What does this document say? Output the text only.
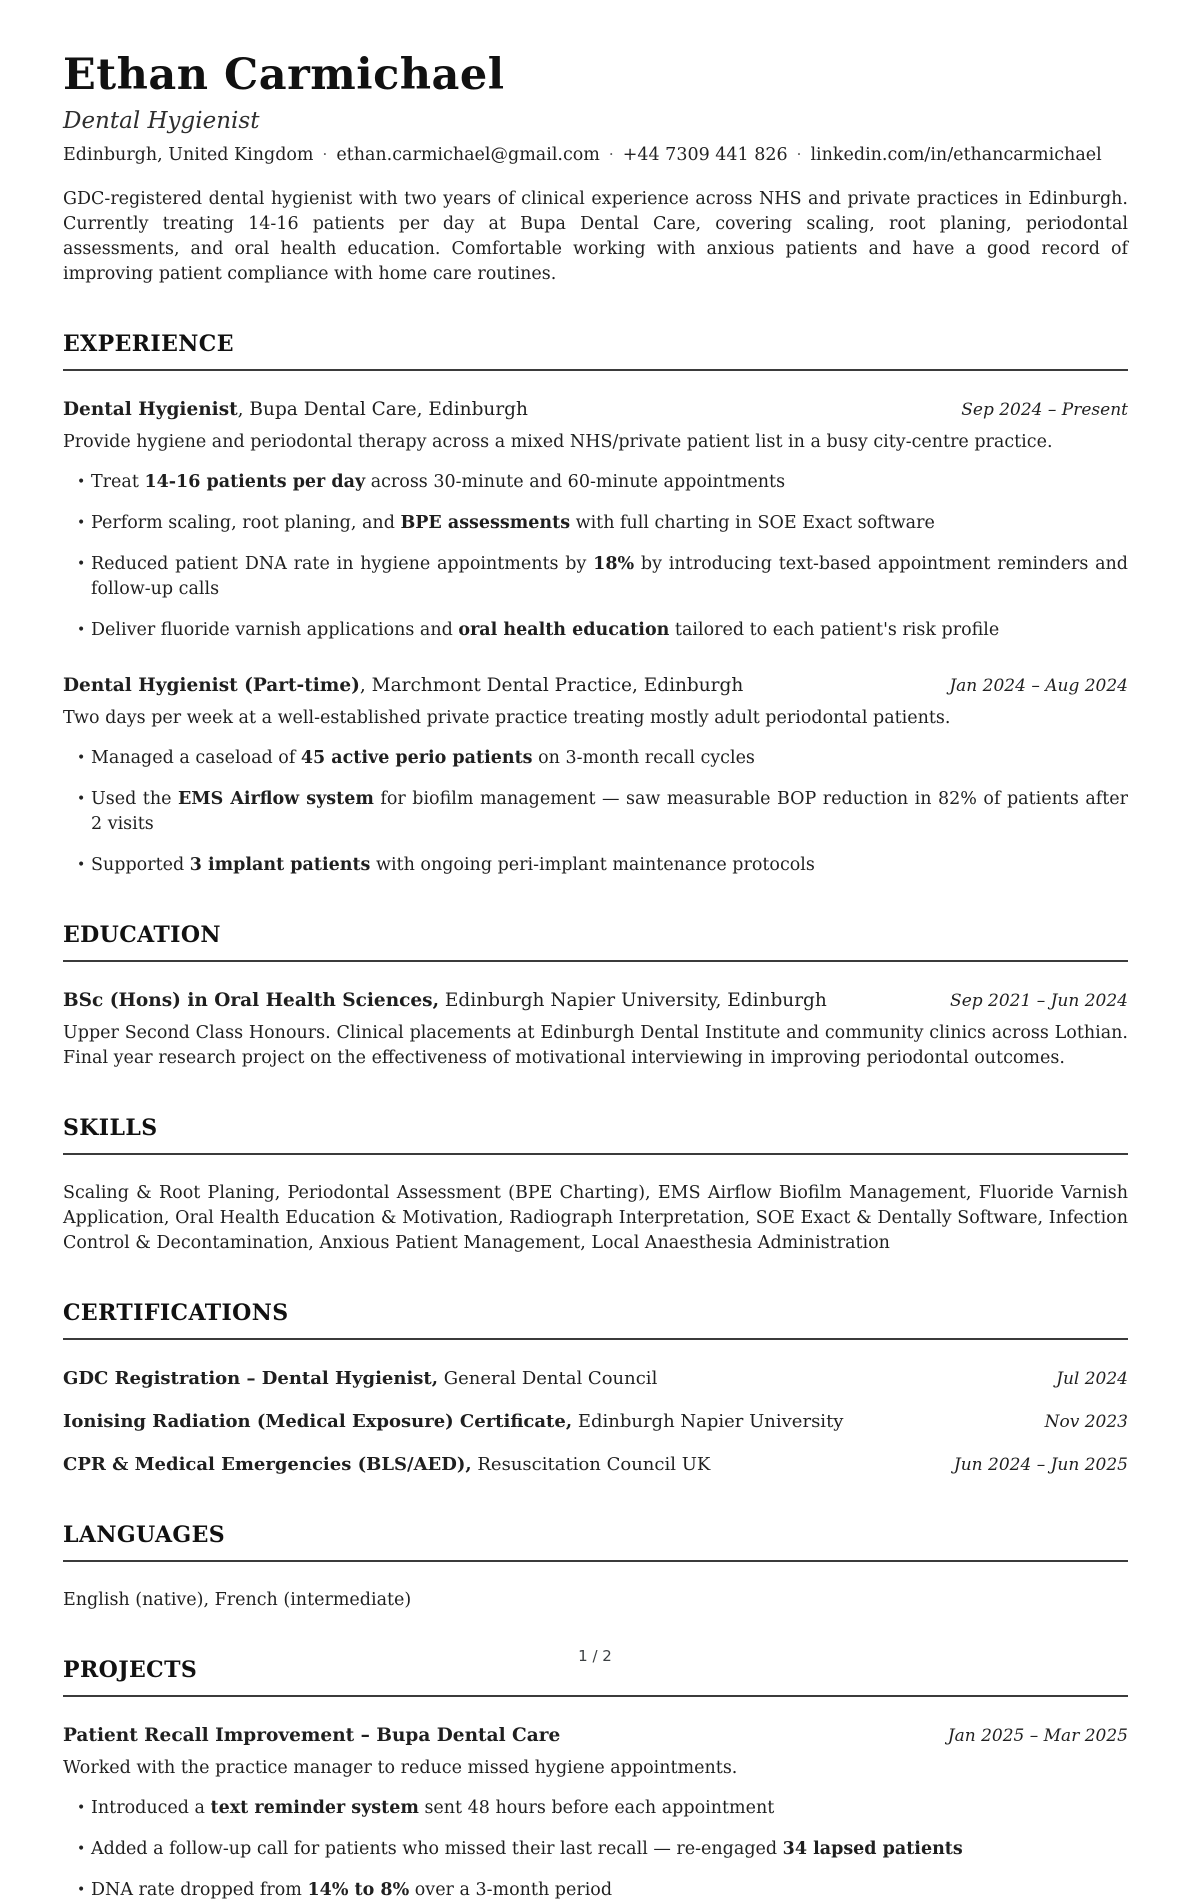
Ethan Carmichael
Dental Hygienist
Edinburgh, United Kingdom · ethan.carmichael@gmail.com · +44 7309 441 826 · linkedin.com/in/ethancarmichael

GDC-registered dental hygienist with two years of clinical experience across NHS and private practices in Edinburgh. Currently treating 14-16 patients per day at Bupa Dental Care, covering scaling, root planing, periodontal assessments, and oral health education. Comfortable working with anxious patients and have a good record of improving patient compliance with home care routines.

EXPERIENCE
Dental Hygienist, Bupa Dental Care, Edinburgh	Sep 2024 – Present

Provide hygiene and periodontal therapy across a mixed NHS/private patient list in a busy city-centre practice.

• Treat 14-16 patients per day across 30-minute and 60-minute appointments
• Perform scaling, root planing, and BPE assessments with full charting in SOE Exact software
• Reduced patient DNA rate in hygiene appointments by 18% by introducing text-based appointment reminders and follow-up calls
• Deliver fluoride varnish applications and oral health education tailored to each patient's risk profile
Dental Hygienist (Part-time), Marchmont Dental Practice, Edinburgh	Jan 2024 – Aug 2024

Two days per week at a well-established private practice treating mostly adult periodontal patients.

• Managed a caseload of 45 active perio patients on 3-month recall cycles
• Used the EMS Airflow system for biofilm management — saw measurable BOP reduction in 82% of patients after 2 visits
• Supported 3 implant patients with ongoing peri-implant maintenance protocols
EDUCATION
BSc (Hons) in Oral Health Sciences, Edinburgh Napier University, Edinburgh	Sep 2021 – Jun 2024

Upper Second Class Honours. Clinical placements at Edinburgh Dental Institute and community clinics across Lothian. Final year research project on the effectiveness of motivational interviewing in improving periodontal outcomes.

SKILLS

Scaling & Root Planing, Periodontal Assessment (BPE Charting), EMS Airflow Biofilm Management, Fluoride Varnish Application, Oral Health Education & Motivation, Radiograph Interpretation, SOE Exact & Dentally Software, Infection Control & Decontamination, Anxious Patient Management, Local Anaesthesia Administration

CERTIFICATIONS
GDC Registration – Dental Hygienist, General Dental Council	Jul 2024
Ionising Radiation (Medical Exposure) Certificate, Edinburgh Napier University	Nov 2023
CPR & Medical Emergencies (BLS/AED), Resuscitation Council UK	Jun 2024 – Jun 2025
LANGUAGES

English (native), French (intermediate)

PROJECTS
Patient Recall Improvement – Bupa Dental Care	Jan 2025 – Mar 2025

Worked with the practice manager to reduce missed hygiene appointments.

• Introduced a text reminder system sent 48 hours before each appointment
• Added a follow-up call for patients who missed their last recall — re-engaged 34 lapsed patients
• DNA rate dropped from 14% to 8% over a 3-month period
1 / 2
